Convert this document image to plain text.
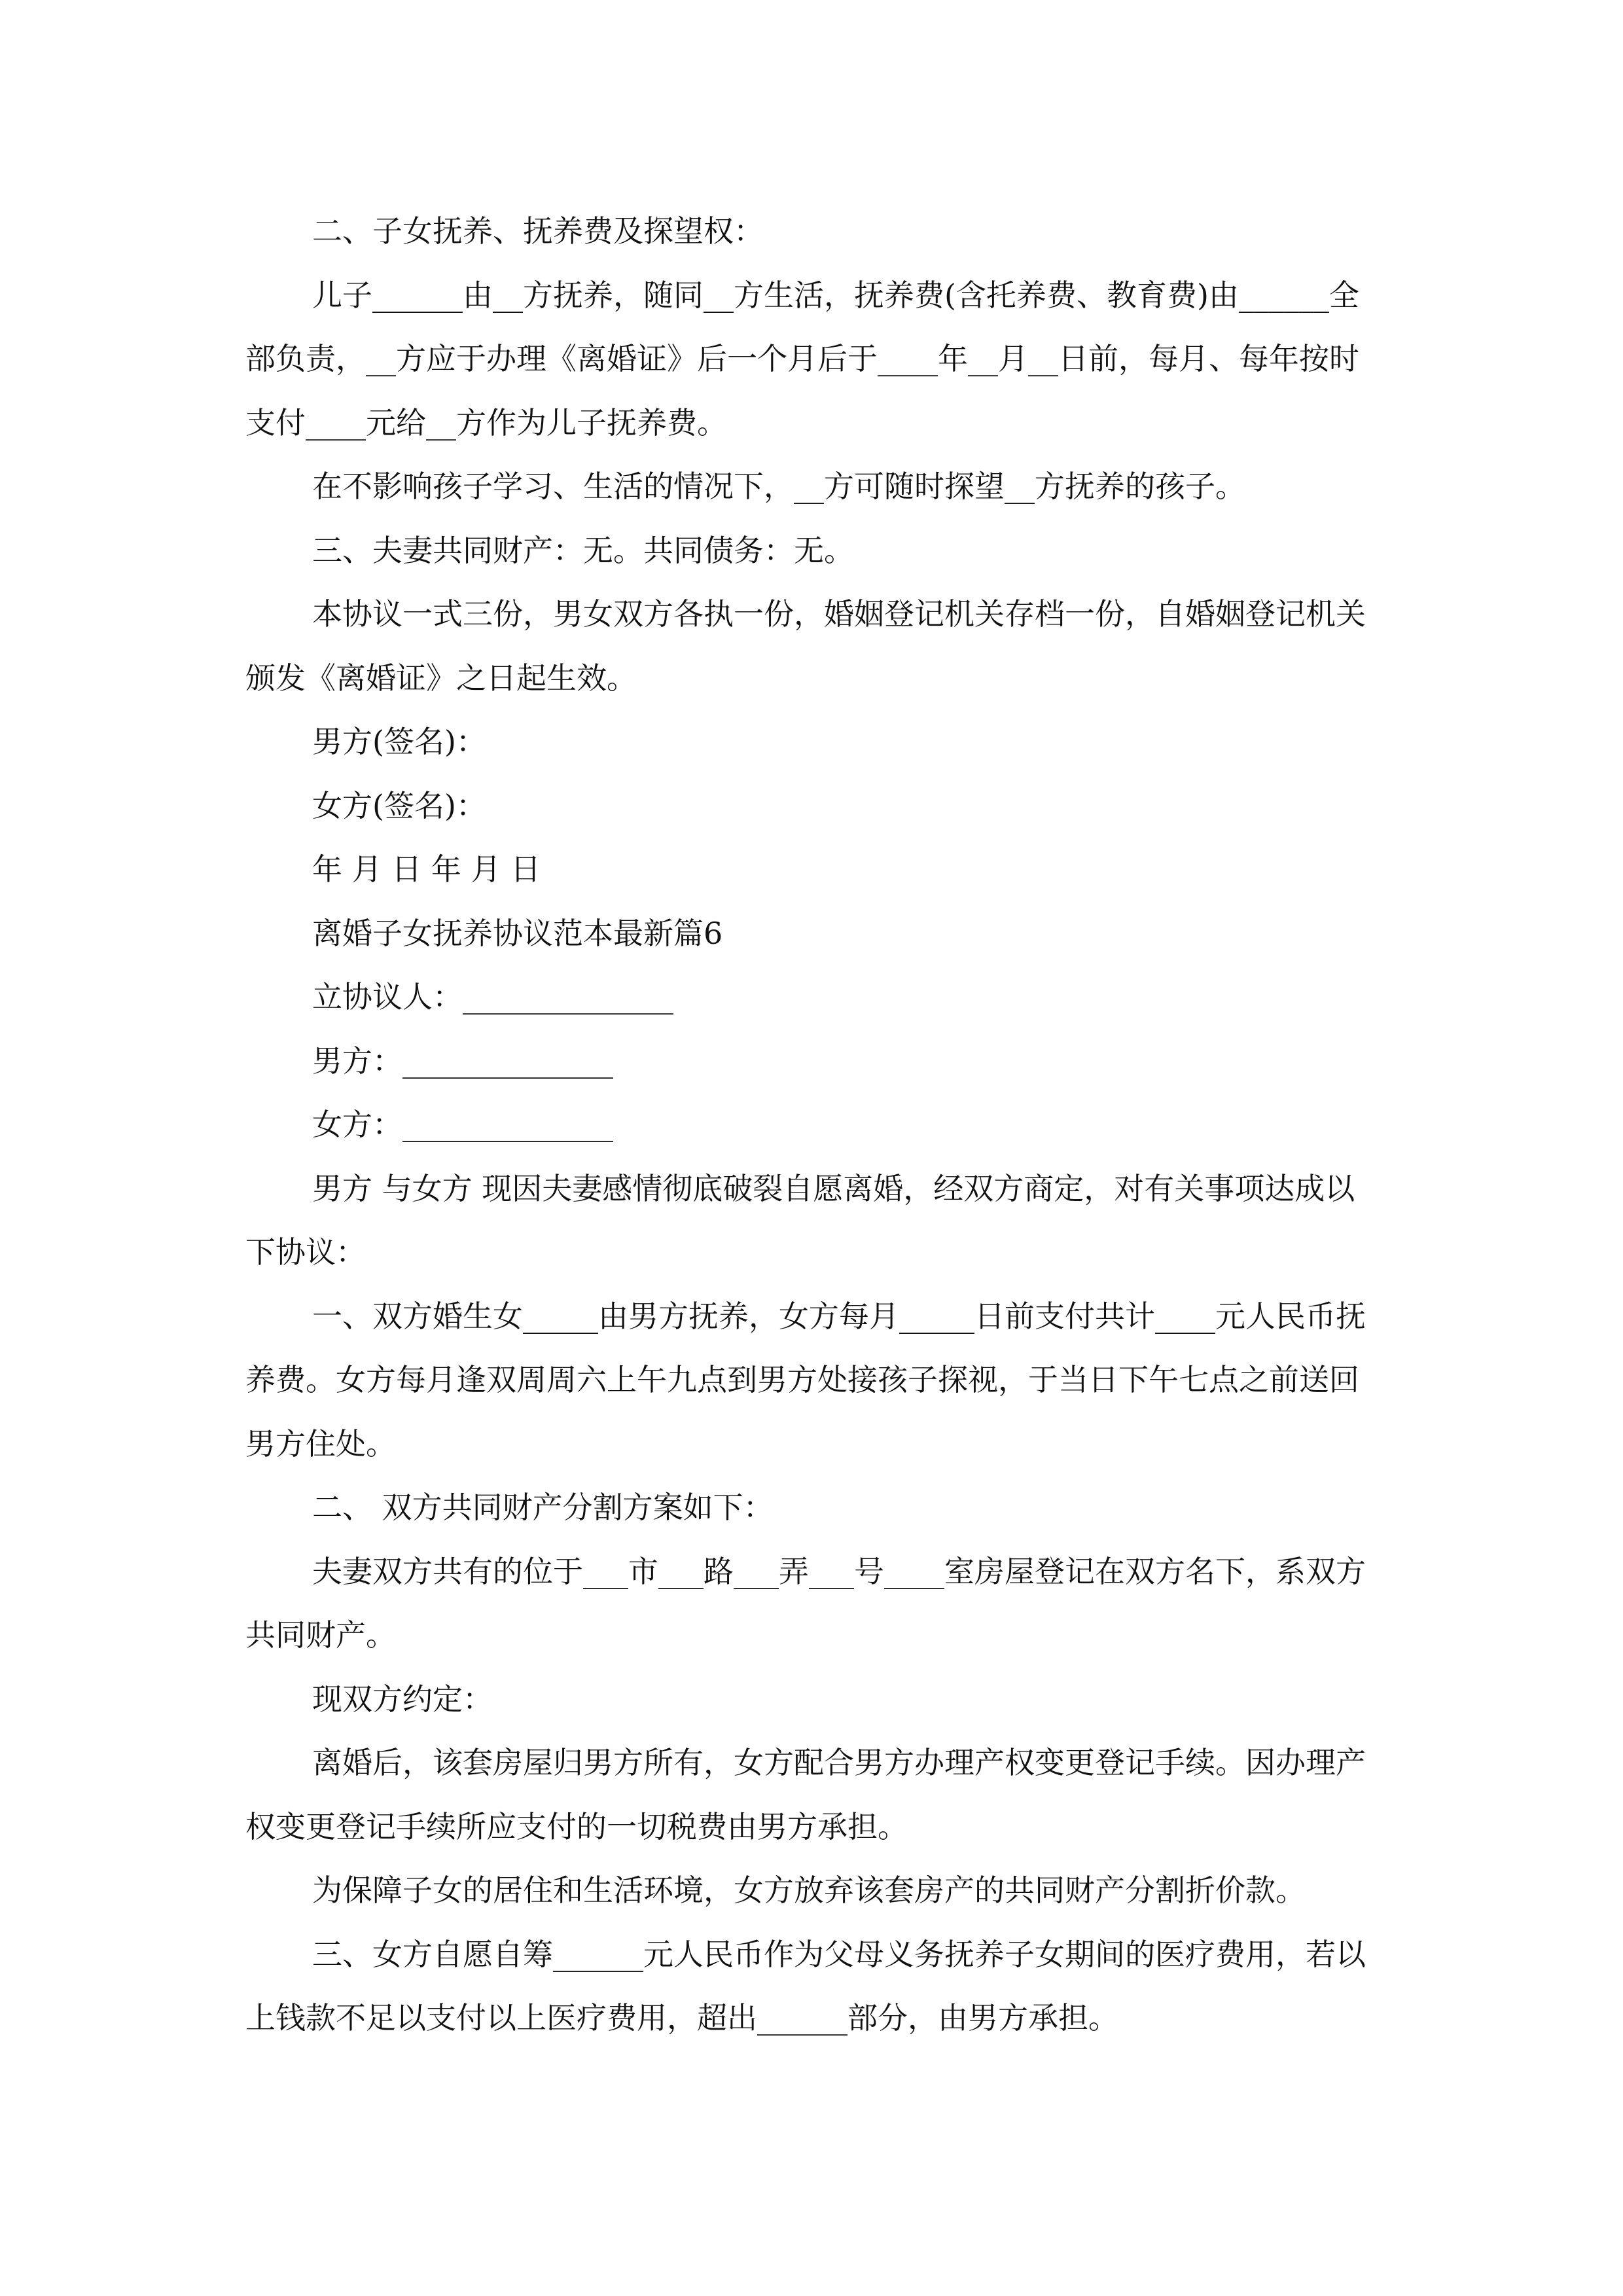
二、子女抚养、抚养费及探望权：

儿子______由__方抚养，随同__方生活，抚养费(含托养费、教育费)由______全部负责，__方应于办理《离婚证》后一个月后于____年__月__日前，每月、每年按时支付____元给__方作为儿子抚养费。

在不影响孩子学习、生活的情况下，__方可随时探望__方抚养的孩子。

三、夫妻共同财产：无。共同债务：无。

本协议一式三份，男女双方各执一份，婚姻登记机关存档一份，自婚姻登记机关颁发《离婚证》之日起生效。

男方(签名)：

女方(签名)：

年 月 日 年 月 日

离婚子女抚养协议范本最新篇6

立协议人：______________

男方：______________

女方：______________

男方 与女方 现因夫妻感情彻底破裂自愿离婚，经双方商定，对有关事项达成以下协议：

一、双方婚生女_____由男方抚养，女方每月_____日前支付共计____元人民币抚养费。女方每月逢双周周六上午九点到男方处接孩子探视，于当日下午七点之前送回男方住处。

二、 双方共同财产分割方案如下：

夫妻双方共有的位于___市___路___弄___号____室房屋登记在双方名下，系双方共同财产。

现双方约定：

离婚后，该套房屋归男方所有，女方配合男方办理产权变更登记手续。因办理产权变更登记手续所应支付的一切税费由男方承担。

为保障子女的居住和生活环境，女方放弃该套房产的共同财产分割折价款。

三、女方自愿自筹______元人民币作为父母义务抚养子女期间的医疗费用，若以上钱款不足以支付以上医疗费用，超出______部分，由男方承担。
